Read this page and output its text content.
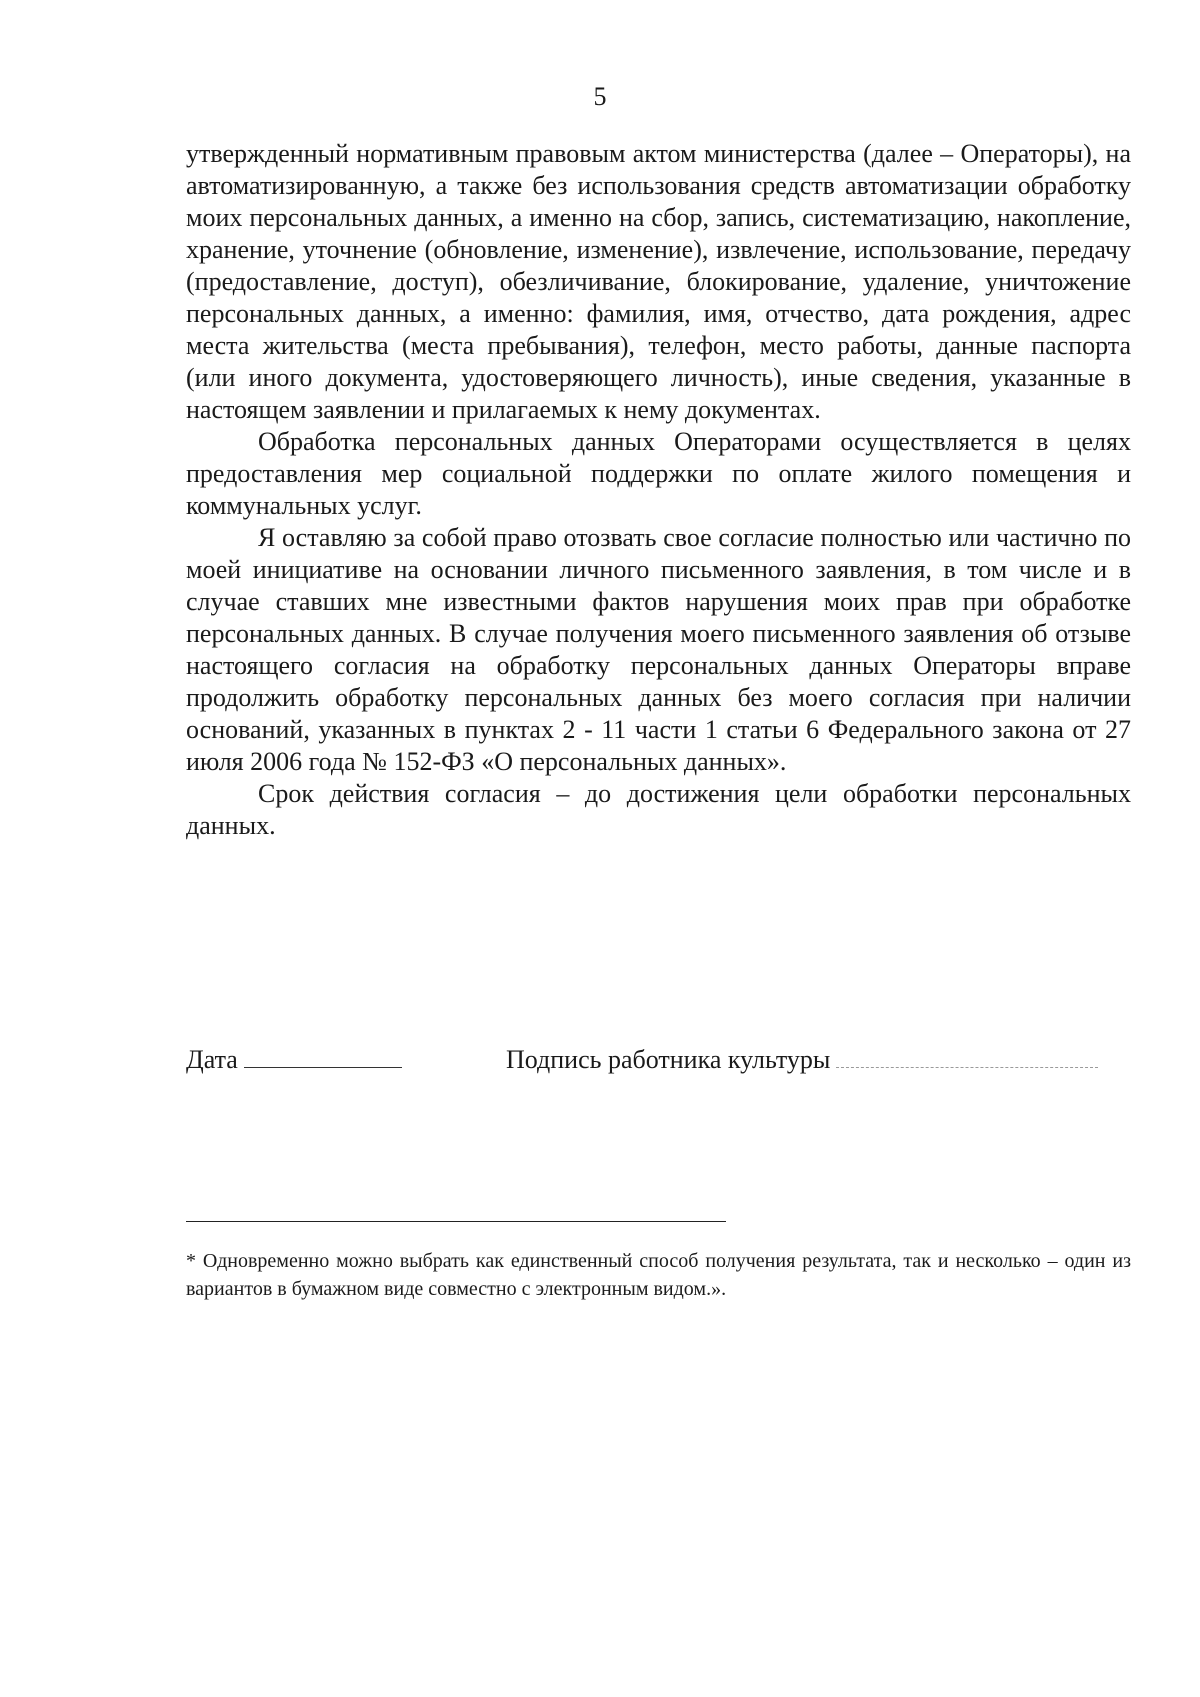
5

утвержденный нормативным правовым актом министерства (далее – Операторы), на автоматизированную, а также без использования средств автоматизации обработку моих персональных данных, а именно на сбор, запись, систематизацию, накопление, хранение, уточнение (обновление, изменение), извлечение, использование, передачу (предоставление, доступ), обезличивание, блокирование, удаление, уничтожение персональных данных, а именно: фамилия, имя, отчество, дата рождения, адрес места жительства (места пребывания), телефон, место работы, данные паспорта (или иного документа, удостоверяющего личность), иные сведения, указанные в настоящем заявлении и прилагаемых к нему документах.

Обработка персональных данных Операторами осуществляется в целях предоставления мер социальной поддержки по оплате жилого помещения и коммунальных услуг.

Я оставляю за собой право отозвать свое согласие полностью или частично по моей инициативе на основании личного письменного заявления, в том числе и в случае ставших мне известными фактов нарушения моих прав при обработке персональных данных. В случае получения моего письменного заявления об отзыве настоящего согласия на обработку персональных данных Операторы вправе продолжить обработку персональных данных без моего согласия при наличии оснований, указанных в пунктах 2 - 11 части 1 статьи 6 Федерального закона от 27 июля 2006 года № 152-ФЗ «О персональных данных».

Срок действия согласия – до достижения цели обработки персональных данных.

Дата	Подпись работника культуры
* Одновременно можно выбрать как единственный способ получения результата, так и несколько – один из вариантов в бумажном виде совместно с электронным видом.».
